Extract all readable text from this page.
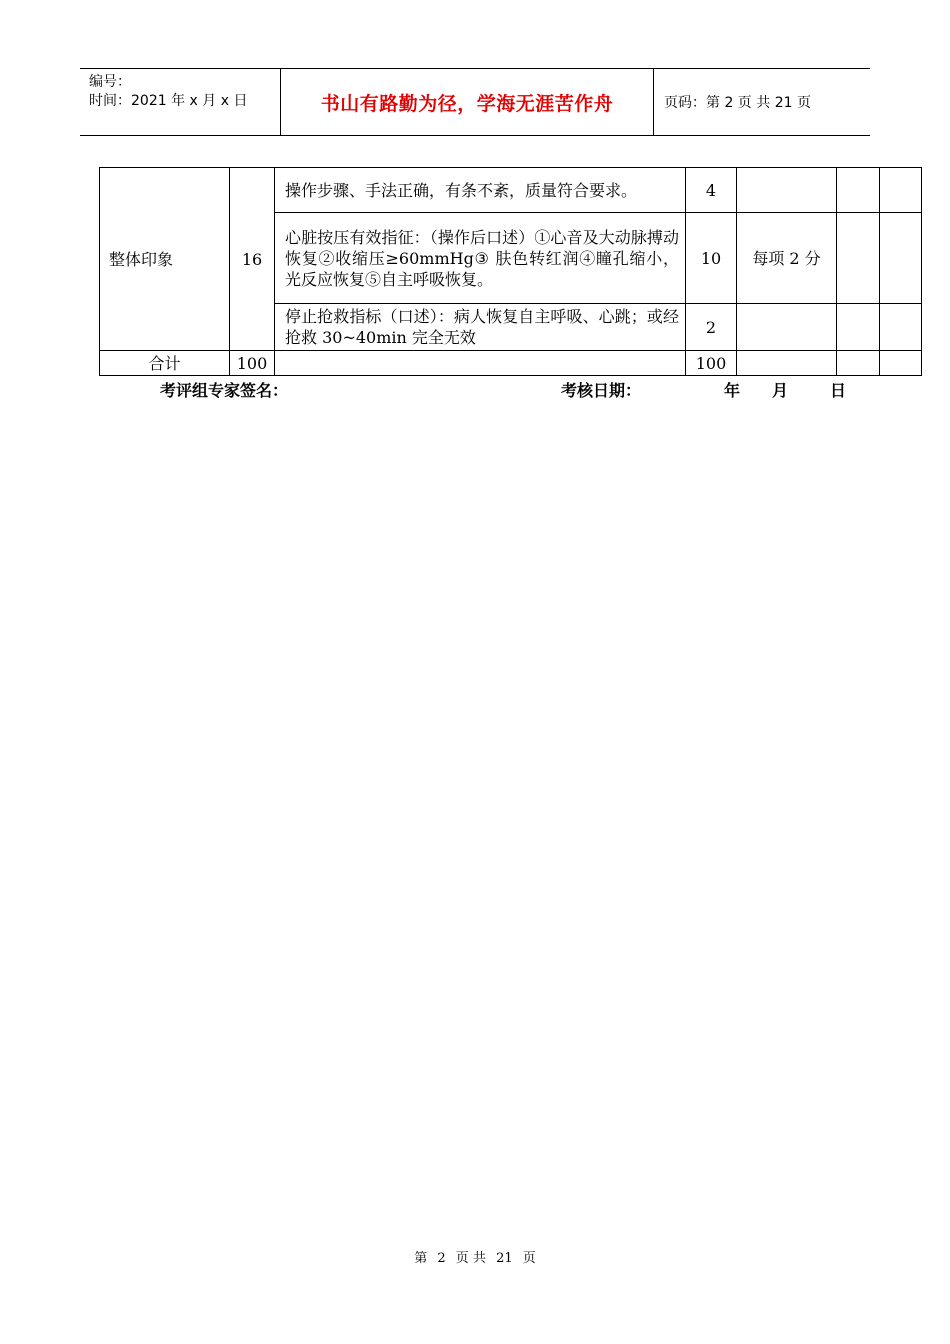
编号：
时间：2021 年 x 月 x 日	书山有路勤为径，学海无涯苦作舟	页码：第 2 页 共 21 页
整体印象	16	操作步骤、手法正确，有条不紊，质量符合要求。	4			
		心脏按压有效指征：（操作后口述）①心音及大动脉搏动恢复②收缩压≥60mmHg③ 肤色转红润④瞳孔缩小，光反应恢复⑤自主呼吸恢复。	10	每项 2 分		
		停止抢救指标（口述）：病人恢复自主呼吸、心跳；或经抢救 30~40min 完全无效	2			
合计	100		100			
考评组专家签名：	考核日期：	年 月	日
第 2 页 共 21 页
